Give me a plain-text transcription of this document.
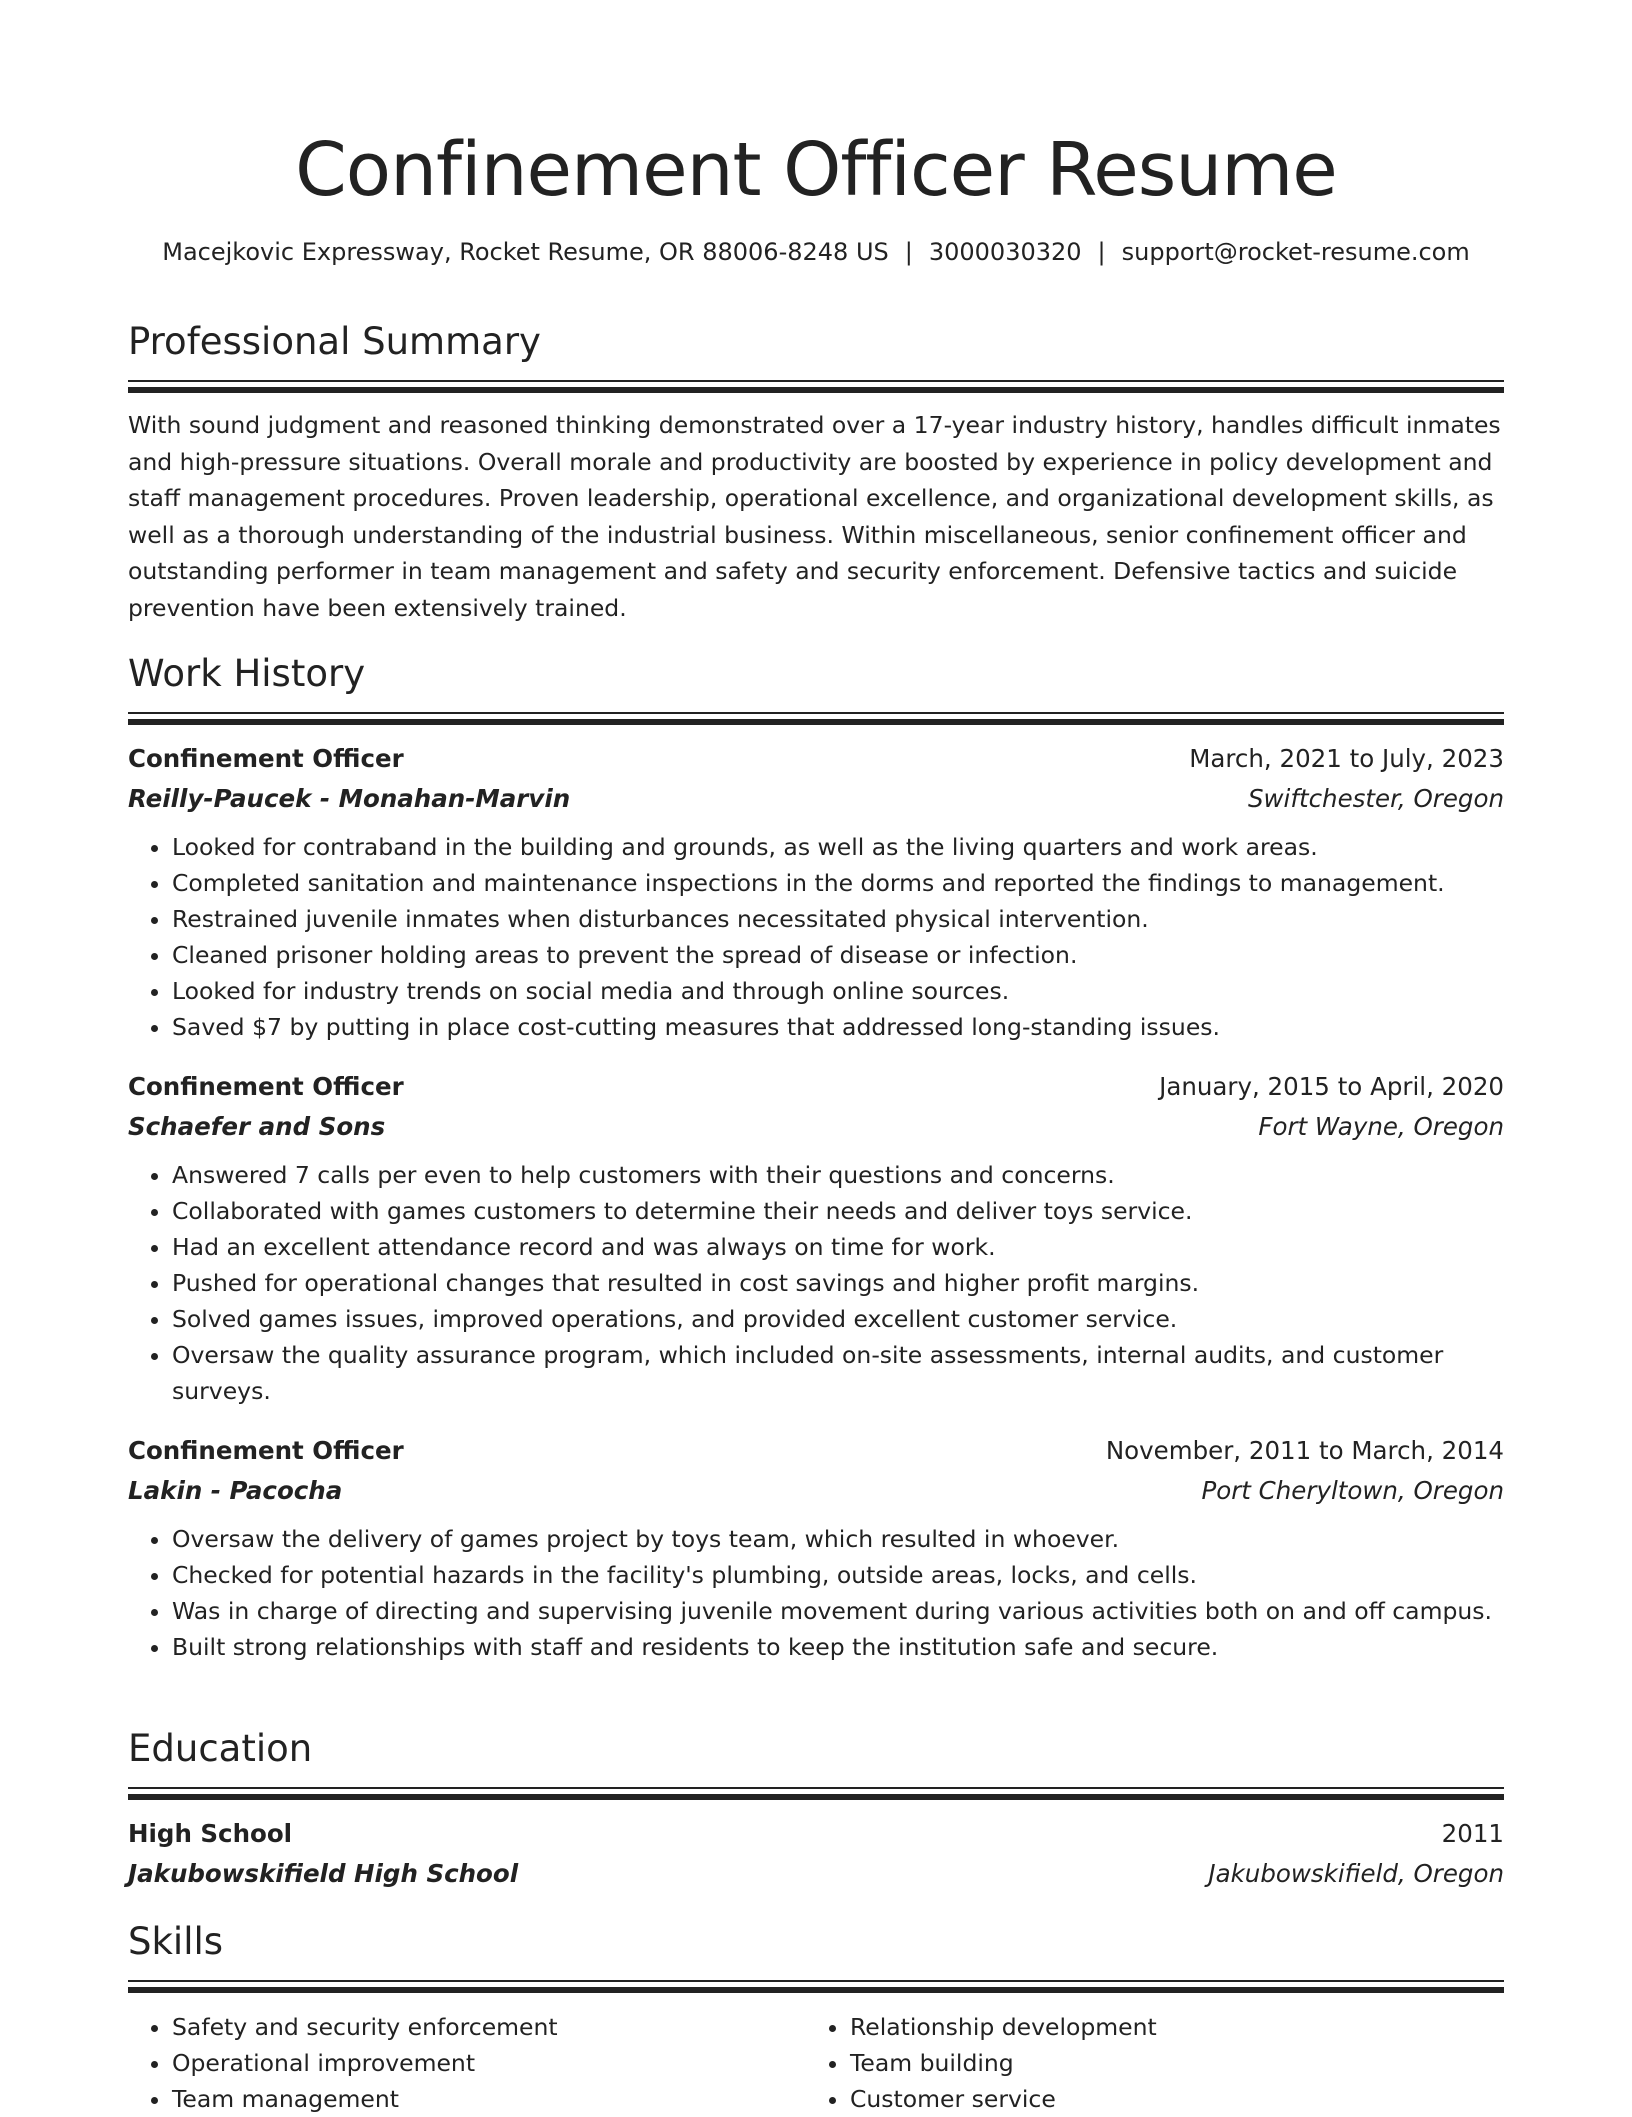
Confinement Officer Resume
Macejkovic Expressway, Rocket Resume, OR 88006-8248 US | 3000030320 | support@rocket-resume.com
Professional Summary
With sound judgment and reasoned thinking demonstrated over a 17-year industry history, handles difficult inmates and high-pressure situations. Overall morale and productivity are boosted by experience in policy development and staff management procedures. Proven leadership, operational excellence, and organizational development skills, as well as a thorough understanding of the industrial business. Within miscellaneous, senior confinement officer and outstanding performer in team management and safety and security enforcement. Defensive tactics and suicide prevention have been extensively trained.
Work History
Confinement Officer	March, 2021 to July, 2023
Reilly-Paucek - Monahan-Marvin	Swiftchester, Oregon
• Looked for contraband in the building and grounds, as well as the living quarters and work areas.
• Completed sanitation and maintenance inspections in the dorms and reported the findings to management.
• Restrained juvenile inmates when disturbances necessitated physical intervention.
• Cleaned prisoner holding areas to prevent the spread of disease or infection.
• Looked for industry trends on social media and through online sources.
• Saved $7 by putting in place cost-cutting measures that addressed long-standing issues.
Confinement Officer	January, 2015 to April, 2020
Schaefer and Sons	Fort Wayne, Oregon
• Answered 7 calls per even to help customers with their questions and concerns.
• Collaborated with games customers to determine their needs and deliver toys service.
• Had an excellent attendance record and was always on time for work.
• Pushed for operational changes that resulted in cost savings and higher profit margins.
• Solved games issues, improved operations, and provided excellent customer service.
• Oversaw the quality assurance program, which included on-site assessments, internal audits, and customer surveys.
Confinement Officer	November, 2011 to March, 2014
Lakin - Pacocha	Port Cheryltown, Oregon
• Oversaw the delivery of games project by toys team, which resulted in whoever.
• Checked for potential hazards in the facility's plumbing, outside areas, locks, and cells.
• Was in charge of directing and supervising juvenile movement during various activities both on and off campus.
• Built strong relationships with staff and residents to keep the institution safe and secure.
Education
High School	2011
Jakubowskifield High School	Jakubowskifield, Oregon
Skills
• Safety and security enforcement
• Operational improvement
• Team management
• Relationship development
• Team building
• Customer service
